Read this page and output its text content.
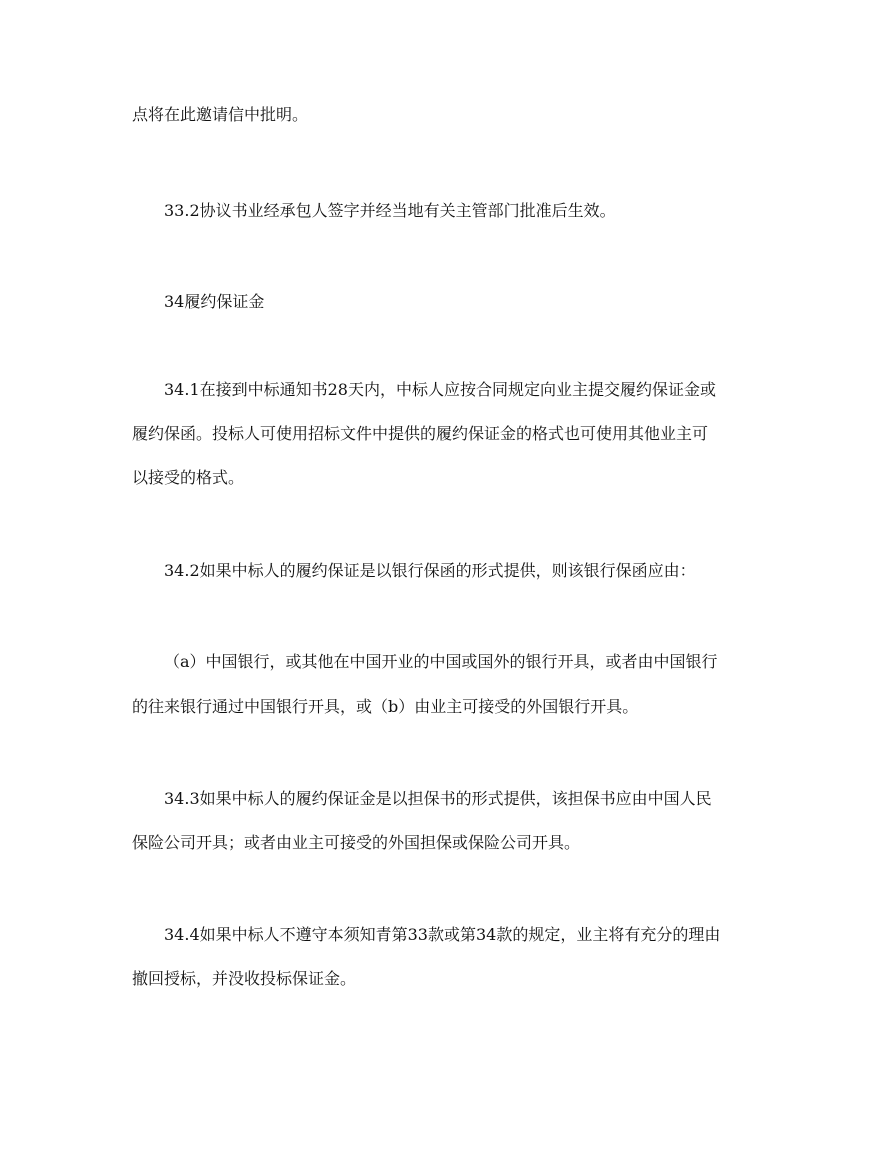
点将在此邀请信中批明。

33.2协议书业经承包人签字并经当地有关主管部门批准后生效。

34履约保证金

34.1在接到中标通知书28天内，中标人应按合同规定向业主提交履约保证金或

履约保函。投标人可使用招标文件中提供的履约保证金的格式也可使用其他业主可

以接受的格式。

34.2如果中标人的履约保证是以银行保函的形式提供，则该银行保函应由：

（a）中国银行，或其他在中国开业的中国或国外的银行开具，或者由中国银行

的往来银行通过中国银行开具，或（b）由业主可接受的外国银行开具。

34.3如果中标人的履约保证金是以担保书的形式提供，该担保书应由中国人民

保险公司开具；或者由业主可接受的外国担保或保险公司开具。

34.4如果中标人不遵守本须知青第33款或第34款的规定，业主将有充分的理由

撤回授标，并没收投标保证金。
